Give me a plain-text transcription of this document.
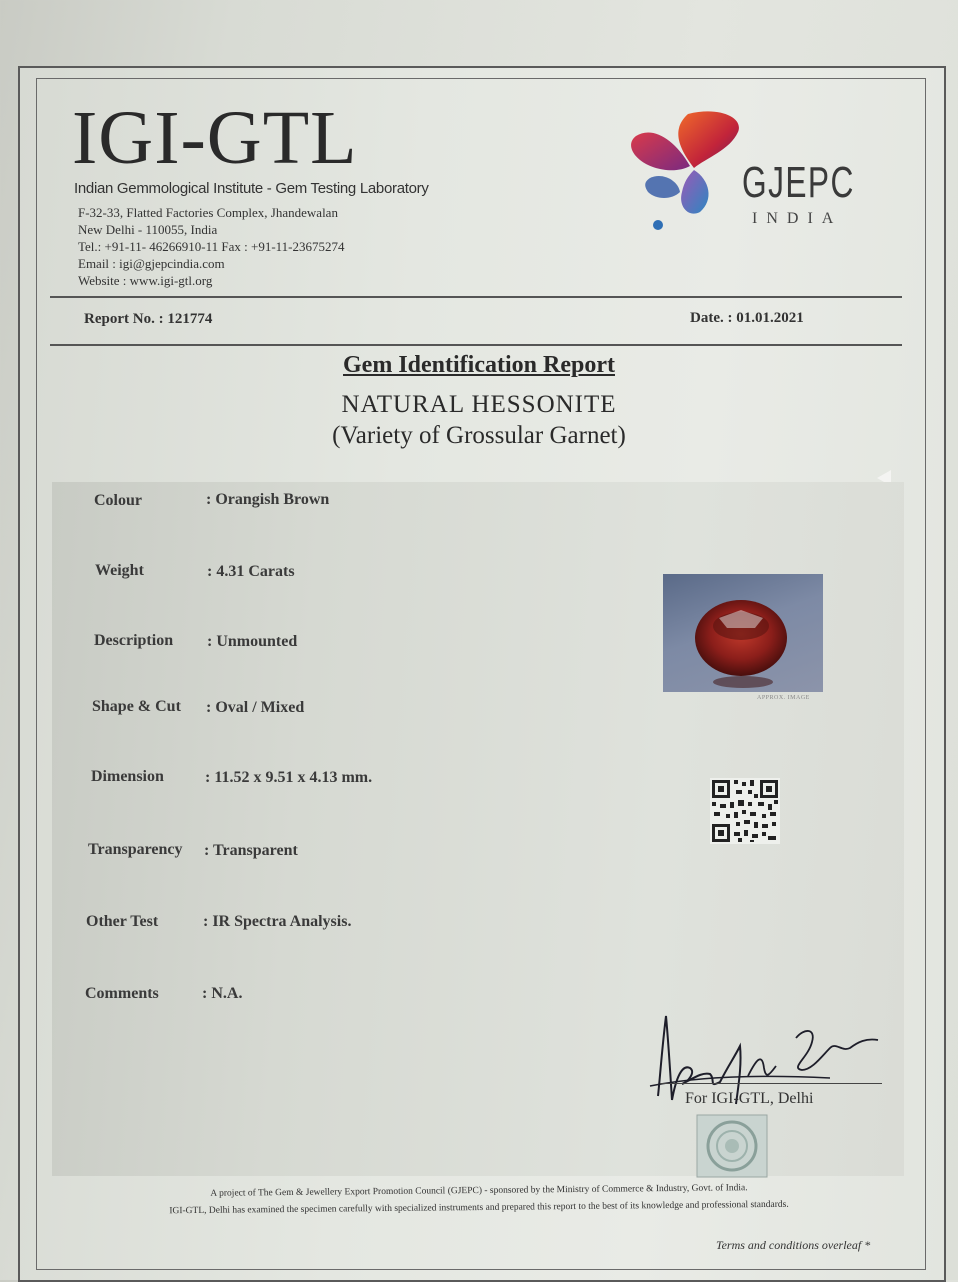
IGI-GTL
Indian Gemmological Institute - Gem Testing Laboratory
F-32-33, Flatted Factories Complex, Jhandewalan
New Delhi - 110055, India
Tel.: +91-11- 46266910-11 Fax : +91-11-23675274
Email : igi@gjepcindia.com
Website : www.igi-gtl.org
GJEPC
INDIA
Report No. : 121774	Date. : 01.01.2021
Gem Identification Report
NATURAL HESSONITE
(Variety of Grossular Garnet)
Colour	: Orangish Brown
Weight	: 4.31 Carats
Description : Unmounted
Shape & Cut : Oval / Mixed
Dimension	: 11.52 x 9.51 x 4.13 mm.
Transparency : Transparent
Other Test	: IR Spectra Analysis.
Comments	: N.A.
APPROX. IMAGE
For IGI-GTL, Delhi
A project of The Gem & Jewellery Export Promotion Council (GJEPC) - sponsored by the Ministry of Commerce & Industry, Govt. of India.
IGI-GTL, Delhi has examined the specimen carefully with specialized instruments and prepared this report to the best of its knowledge and professional standards.
Terms and conditions overleaf *
